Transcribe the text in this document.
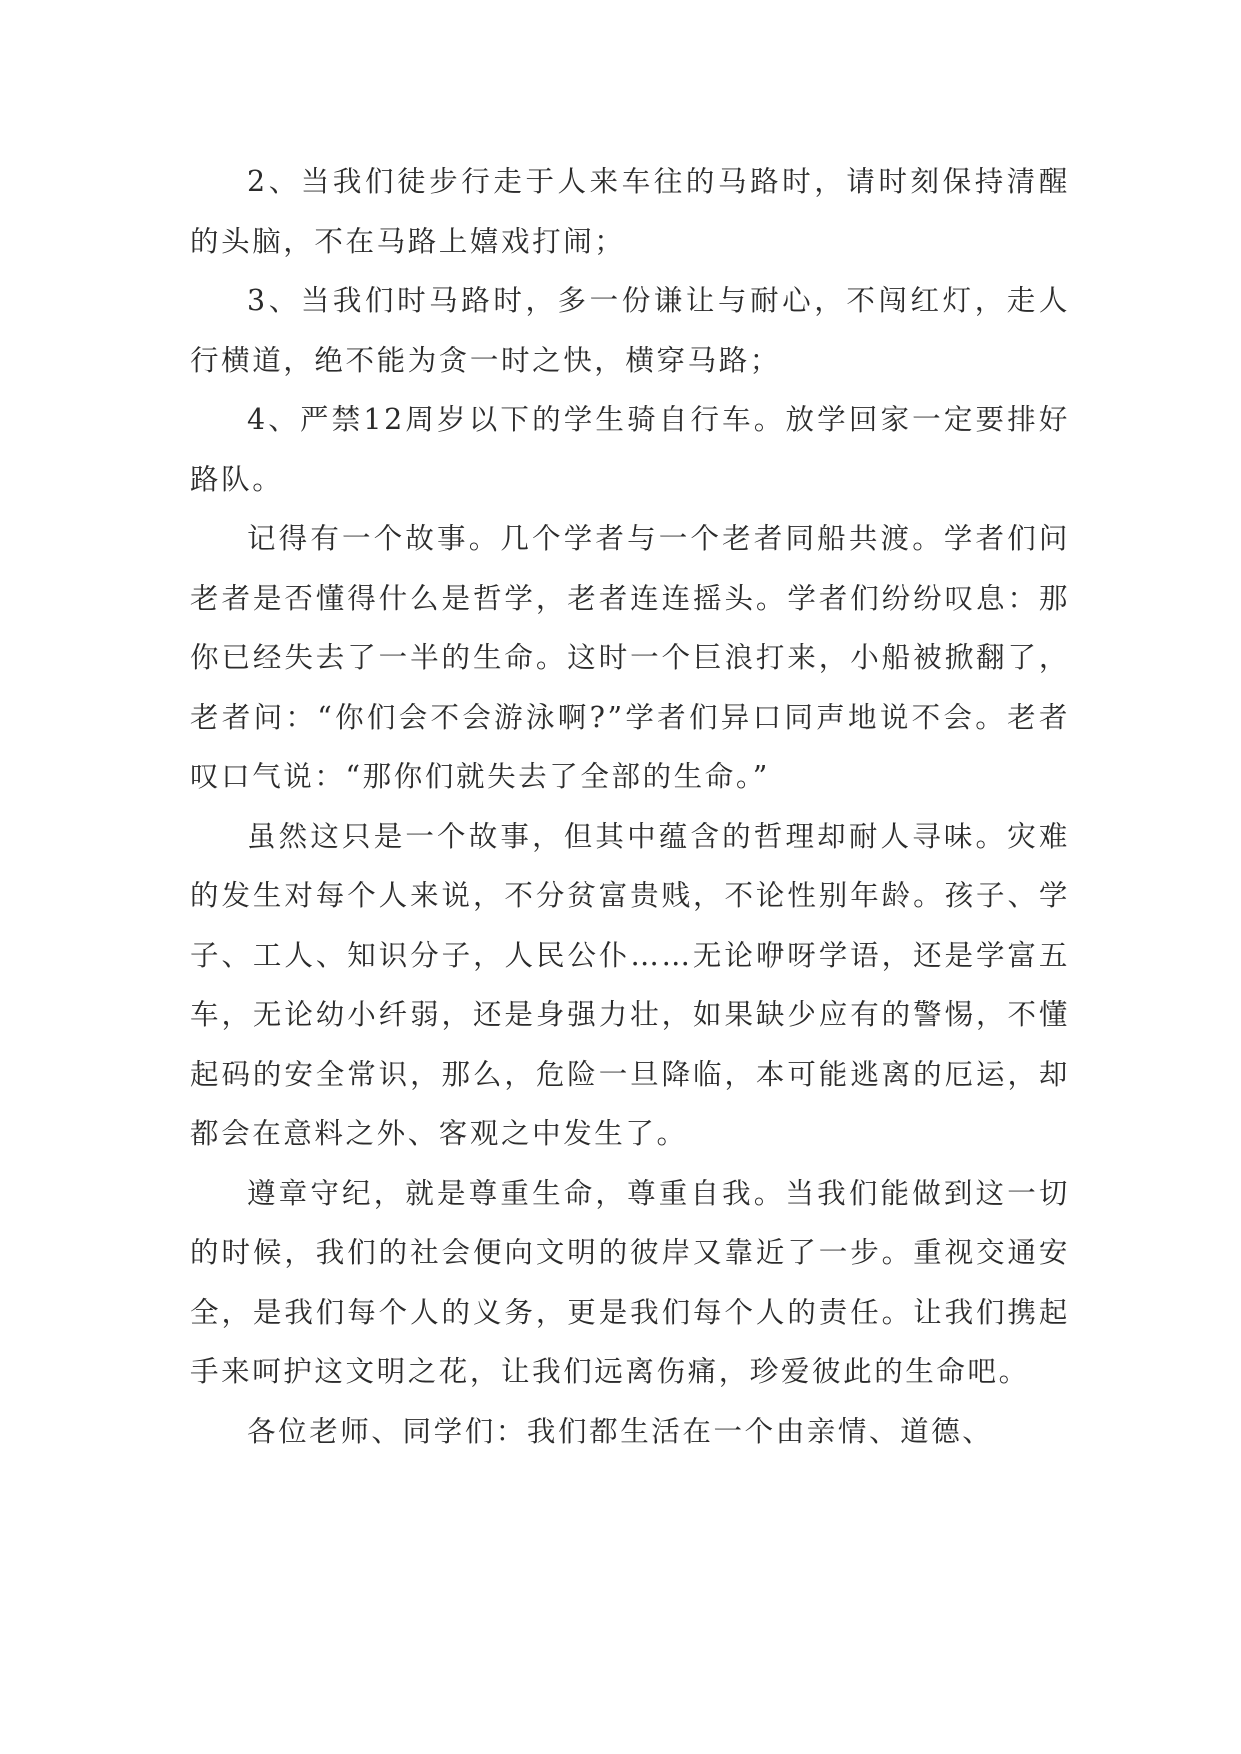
2、当我们徒步行走于人来车往的马路时，请时刻保持清醒的头脑，不在马路上嬉戏打闹；

3、当我们时马路时，多一份谦让与耐心，不闯红灯，走人行横道，绝不能为贪一时之快，横穿马路；

4、严禁12周岁以下的学生骑自行车。放学回家一定要排好路队。

记得有一个故事。几个学者与一个老者同船共渡。学者们问老者是否懂得什么是哲学，老者连连摇头。学者们纷纷叹息：那你已经失去了一半的生命。这时一个巨浪打来，小船被掀翻了，老者问：“你们会不会游泳啊?”学者们异口同声地说不会。老者叹口气说：“那你们就失去了全部的生命。”

虽然这只是一个故事，但其中蕴含的哲理却耐人寻味。灾难的发生对每个人来说，不分贫富贵贱，不论性别年龄。孩子、学子、工人、知识分子，人民公仆……无论咿呀学语，还是学富五车，无论幼小纤弱，还是身强力壮，如果缺少应有的警惕，不懂起码的安全常识，那么，危险一旦降临，本可能逃离的厄运，却都会在意料之外、客观之中发生了。

遵章守纪，就是尊重生命，尊重自我。当我们能做到这一切的时候，我们的社会便向文明的彼岸又靠近了一步。重视交通安全，是我们每个人的义务，更是我们每个人的责任。让我们携起手来呵护这文明之花，让我们远离伤痛，珍爱彼此的生命吧。

各位老师、同学们：我们都生活在一个由亲情、道德、
